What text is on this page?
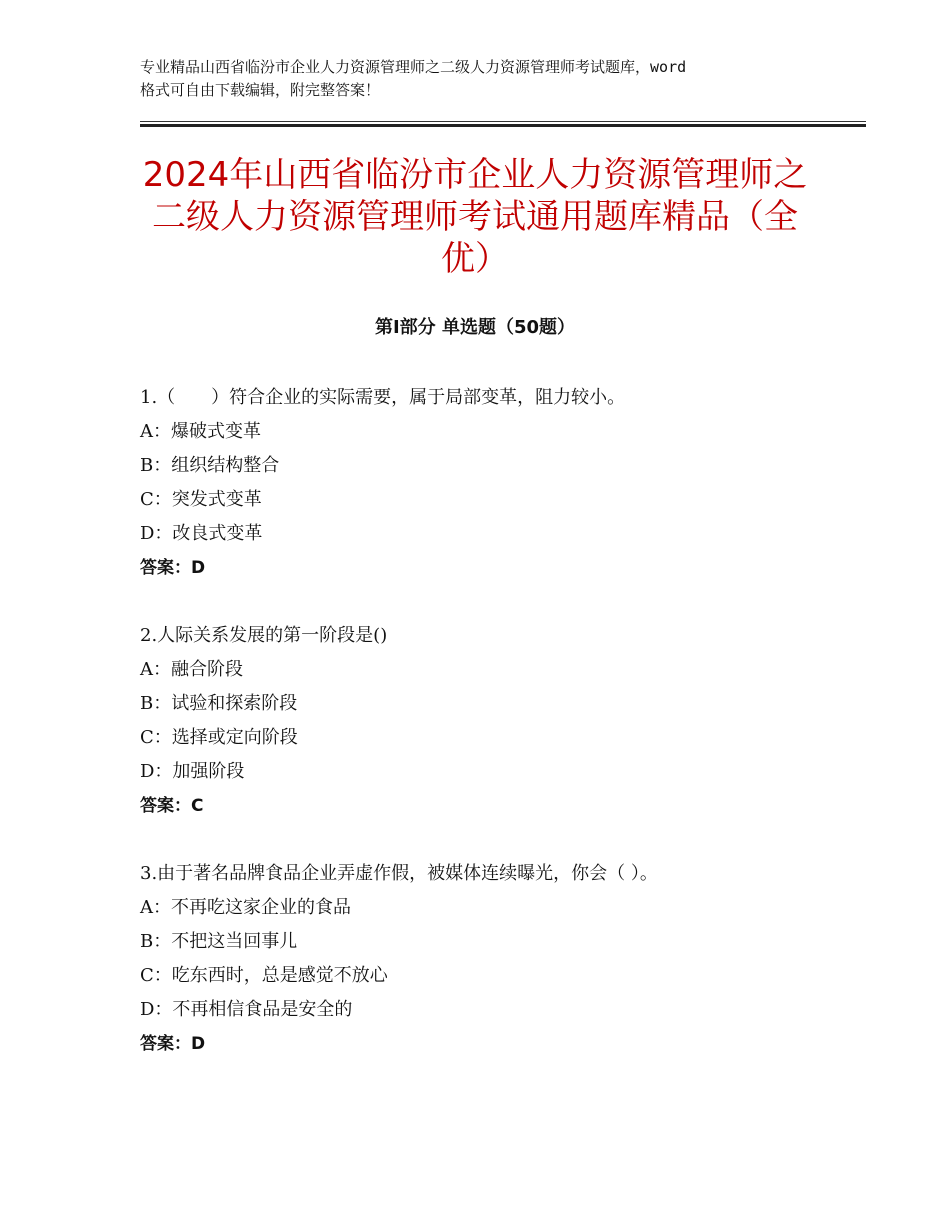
专业精品山西省临汾市企业人力资源管理师之二级人力资源管理师考试题库，word
格式可自由下载编辑，附完整答案！
2024年山西省临汾市企业人力资源管理师之
二级人力资源管理师考试通用题库精品（全
优）
第Ⅰ部分 单选题（50题）
1.（　　）符合企业的实际需要，属于局部变革，阻力较小。
A：爆破式变革
B：组织结构整合
C：突发式变革
D：改良式变革
答案：D
2.人际关系发展的第一阶段是()
A：融合阶段
B：试验和探索阶段
C：选择或定向阶段
D：加强阶段
答案：C
3.由于著名品牌食品企业弄虚作假，被媒体连续曝光，你会（ ）。
A：不再吃这家企业的食品
B：不把这当回事儿
C：吃东西时，总是感觉不放心
D：不再相信食品是安全的
答案：D
